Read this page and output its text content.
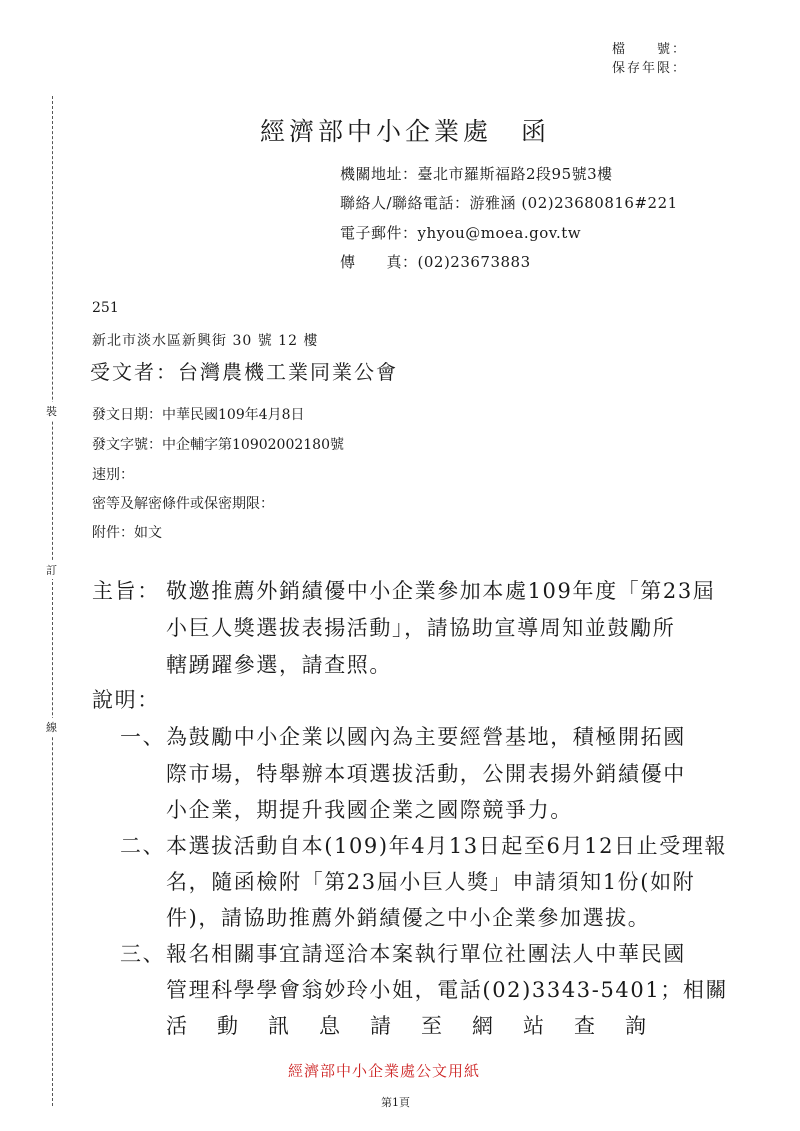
檔　　號：
保存年限：
裝
訂
線
經濟部中小企業處　函
機關地址：臺北市羅斯福路2段95號3樓
聯絡人/聯絡電話：游雅涵 (02)23680816#221
電子郵件：yhyou@moea.gov.tw
傳　　真：(02)23673883
251
新北市淡水區新興街 30 號 12 樓
受文者：台灣農機工業同業公會
發文日期：中華民國109年4月8日
發文字號：中企輔字第10902002180號
速別：
密等及解密條件或保密期限：
附件：如文
主旨： 敬邀推薦外銷績優中小企業參加本處109年度「第23屆
小巨人獎選拔表揚活動」，請協助宣導周知並鼓勵所
轄踴躍參選，請查照。
說明：
一、 為鼓勵中小企業以國內為主要經營基地，積極開拓國
際市場，特舉辦本項選拔活動，公開表揚外銷績優中
小企業，期提升我國企業之國際競爭力。
二、 本選拔活動自本(109)年4月13日起至6月12日止受理報
名，隨函檢附「第23屆小巨人獎」申請須知1份(如附
件)，請協助推薦外銷績優之中小企業參加選拔。
三、 報名相關事宜請逕洽本案執行單位社團法人中華民國
管理科學學會翁妙玲小姐，電話(02)3343-5401；相關
活　動　訊　息　請　至　網　站　查　詢
經濟部中小企業處公文用紙
第1頁
